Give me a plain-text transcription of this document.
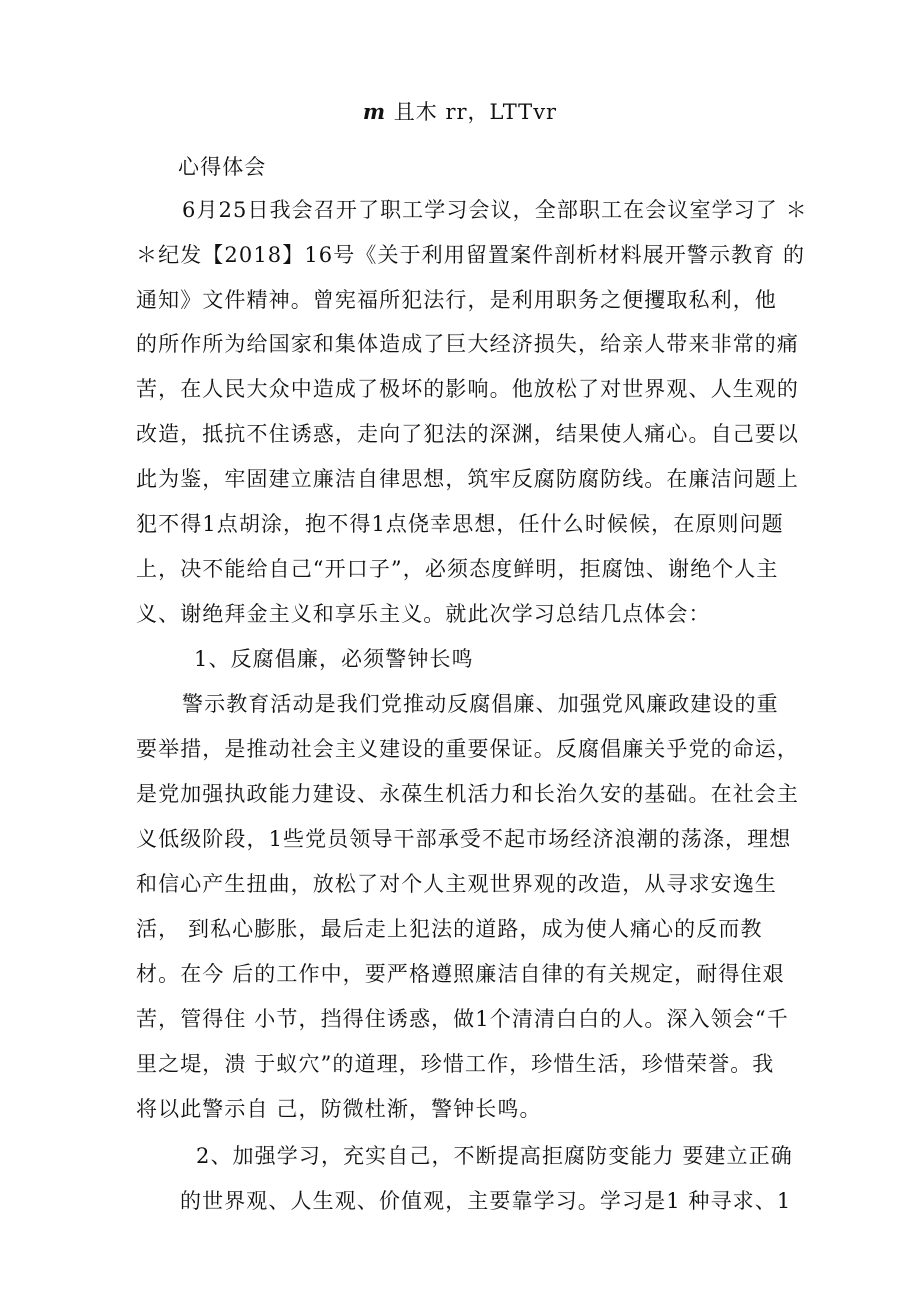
m 且木 rr，LTTvr
心得体会
6月25日我会召开了职工学习会议，全部职工在会议室学习了 ＊
＊纪发【2018】16号《关于利用留置案件剖析材料展开警示教育 的
通知》文件精神。曾宪福所犯法行，是利用职务之便攫取私利，他
的所作所为给国家和集体造成了巨大经济损失，给亲人带来非常的痛
苦，在人民大众中造成了极坏的影响。他放松了对世界观、人生观的
改造，抵抗不住诱惑，走向了犯法的深渊，结果使人痛心。自己要以
此为鉴，牢固建立廉洁自律思想，筑牢反腐防腐防线。在廉洁问题上
犯不得1点胡涂，抱不得1点侥幸思想，任什么时候候，在原则问题
上，决不能给自己“开口子”，必须态度鲜明，拒腐蚀、谢绝个人主
义、谢绝拜金主义和享乐主义。就此次学习总结几点体会：
1、反腐倡廉，必须警钟长鸣
警示教育活动是我们党推动反腐倡廉、加强党风廉政建设的重
要举措，是推动社会主义建设的重要保证。反腐倡廉关乎党的命运，
是党加强执政能力建设、永葆生机活力和长治久安的基础。在社会主
义低级阶段，1些党员领导干部承受不起市场经济浪潮的荡涤，理想
和信心产生扭曲，放松了对个人主观世界观的改造，从寻求安逸生
活， 到私心膨胀，最后走上犯法的道路，成为使人痛心的反而教
材。在今 后的工作中，要严格遵照廉洁自律的有关规定，耐得住艰
苦，管得住 小节，挡得住诱惑，做1个清清白白的人。深入领会“千
里之堤，溃 于蚁穴”的道理，珍惜工作，珍惜生活，珍惜荣誉。我
将以此警示自 己，防微杜渐，警钟长鸣。
2、加强学习，充实自己，不断提高拒腐防变能力 要建立正确
的世界观、人生观、价值观，主要靠学习。学习是1 种寻求、1
